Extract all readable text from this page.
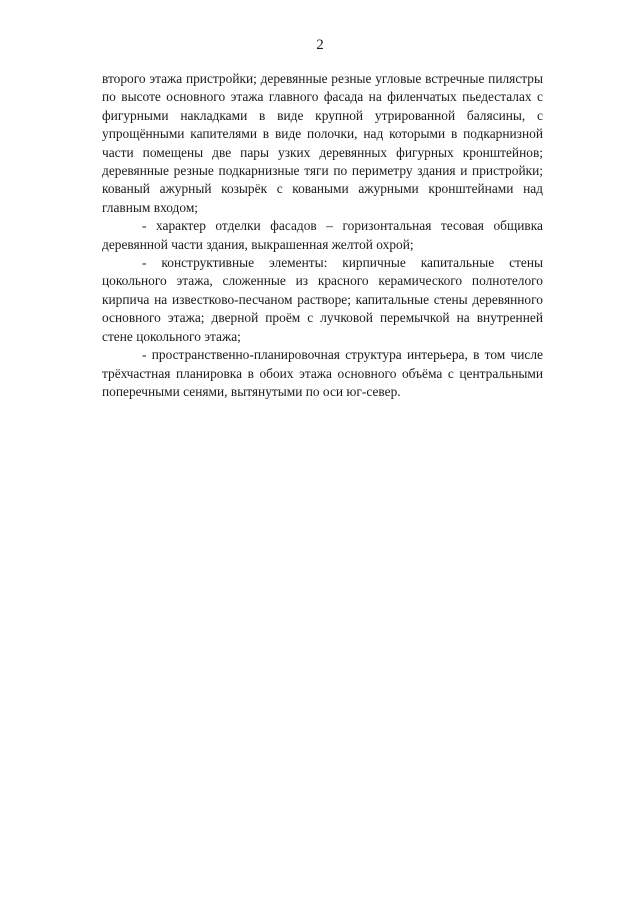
2

второго этажа пристройки; деревянные резные угловые встречные пилястры по высоте основного этажа главного фасада на филенчатых пьедесталах с фигурными накладками в виде крупной утрированной балясины, с упрощёнными капителями в виде полочки, над которыми в подкарнизной части помещены две пары узких деревянных фигурных кронштейнов; деревянные резные подкарнизные тяги по периметру здания и пристройки; кованый ажурный козырёк с коваными ажурными кронштейнами над главным входом;

- характер отделки фасадов – горизонтальная тесовая общивка деревянной части здания, выкрашенная желтой охрой;

- конструктивные элементы: кирпичные капитальные стены цокольного этажа, сложенные из красного керамического полнотелого кирпича на известково-песчаном растворе; капитальные стены деревянного основного этажа; дверной проём с лучковой перемычкой на внутренней стене цокольного этажа;

- пространственно-планировочная структура интерьера, в том числе трёхчастная планировка в обоих этажа основного объёма с центральными поперечными сенями, вытянутыми по оси юг-север.
